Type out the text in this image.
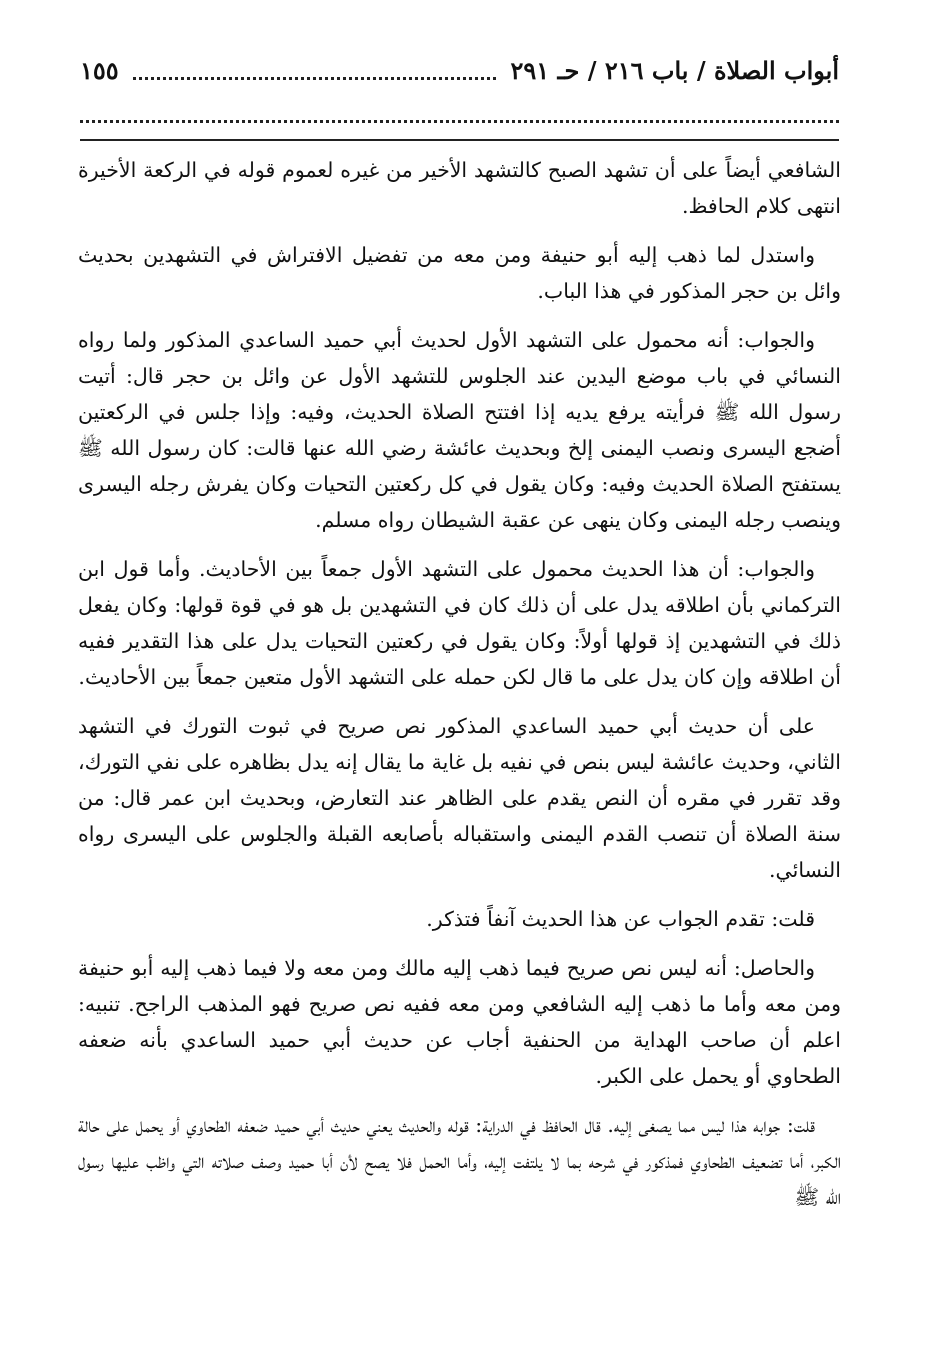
أبواب الصلاة / باب ٢١٦ / حـ ٢٩١
١٥٥

الشافعي أيضاً على أن تشهد الصبح كالتشهد الأخير من غيره لعموم قوله في الركعة الأخيرة انتهى كلام الحافظ.

واستدل لما ذهب إليه أبو حنيفة ومن معه من تفضيل الافتراش في التشهدين بحديث وائل بن حجر المذكور في هذا الباب.

والجواب: أنه محمول على التشهد الأول لحديث أبي حميد الساعدي المذكور ولما رواه النسائي في باب موضع اليدين عند الجلوس للتشهد الأول عن وائل بن حجر قال: أتيت رسول الله ﷺ فرأيته يرفع يديه إذا افتتح الصلاة الحديث، وفيه: وإذا جلس في الركعتين أضجع اليسرى ونصب اليمنى إلخ وبحديث عائشة رضي الله عنها قالت: كان رسول الله ﷺ يستفتح الصلاة الحديث وفيه: وكان يقول في كل ركعتين التحيات وكان يفرش رجله اليسرى وينصب رجله اليمنى وكان ينهى عن عقبة الشيطان رواه مسلم.

والجواب: أن هذا الحديث محمول على التشهد الأول جمعاً بين الأحاديث. وأما قول ابن التركماني بأن اطلاقه يدل على أن ذلك كان في التشهدين بل هو في قوة قولها: وكان يفعل ذلك في التشهدين إذ قولها أولاً: وكان يقول في ركعتين التحيات يدل على هذا التقدير ففيه أن اطلاقه وإن كان يدل على ما قال لكن حمله على التشهد الأول متعين جمعاً بين الأحاديث.

على أن حديث أبي حميد الساعدي المذكور نص صريح في ثبوت التورك في التشهد الثاني، وحديث عائشة ليس بنص في نفيه بل غاية ما يقال إنه يدل بظاهره على نفي التورك، وقد تقرر في مقره أن النص يقدم على الظاهر عند التعارض، وبحديث ابن عمر قال: من سنة الصلاة أن تنصب القدم اليمنى واستقباله بأصابعه القبلة والجلوس على اليسرى رواه النسائي.

قلت: تقدم الجواب عن هذا الحديث آنفاً فتذكر.

والحاصل: أنه ليس نص صريح فيما ذهب إليه مالك ومن معه ولا فيما ذهب إليه أبو حنيفة ومن معه وأما ما ذهب إليه الشافعي ومن معه ففيه نص صريح فهو المذهب الراجح. تنبيه: اعلم أن صاحب الهداية من الحنفية أجاب عن حديث أبي حميد الساعدي بأنه ضعفه الطحاوي أو يحمل على الكبر.

قلت: جوابه هذا ليس مما يصغى إليه. قال الحافظ في الدراية: قوله والحديث يعني حديث أبي حميد ضعفه الطحاوي أو يحمل على حالة الكبر، أما تضعيف الطحاوي فمذكور في شرحه بما لا يلتفت إليه، وأما الحمل فلا يصح لأن أبا حميد وصف صلاته التي واظب عليها رسول الله ﷺ
